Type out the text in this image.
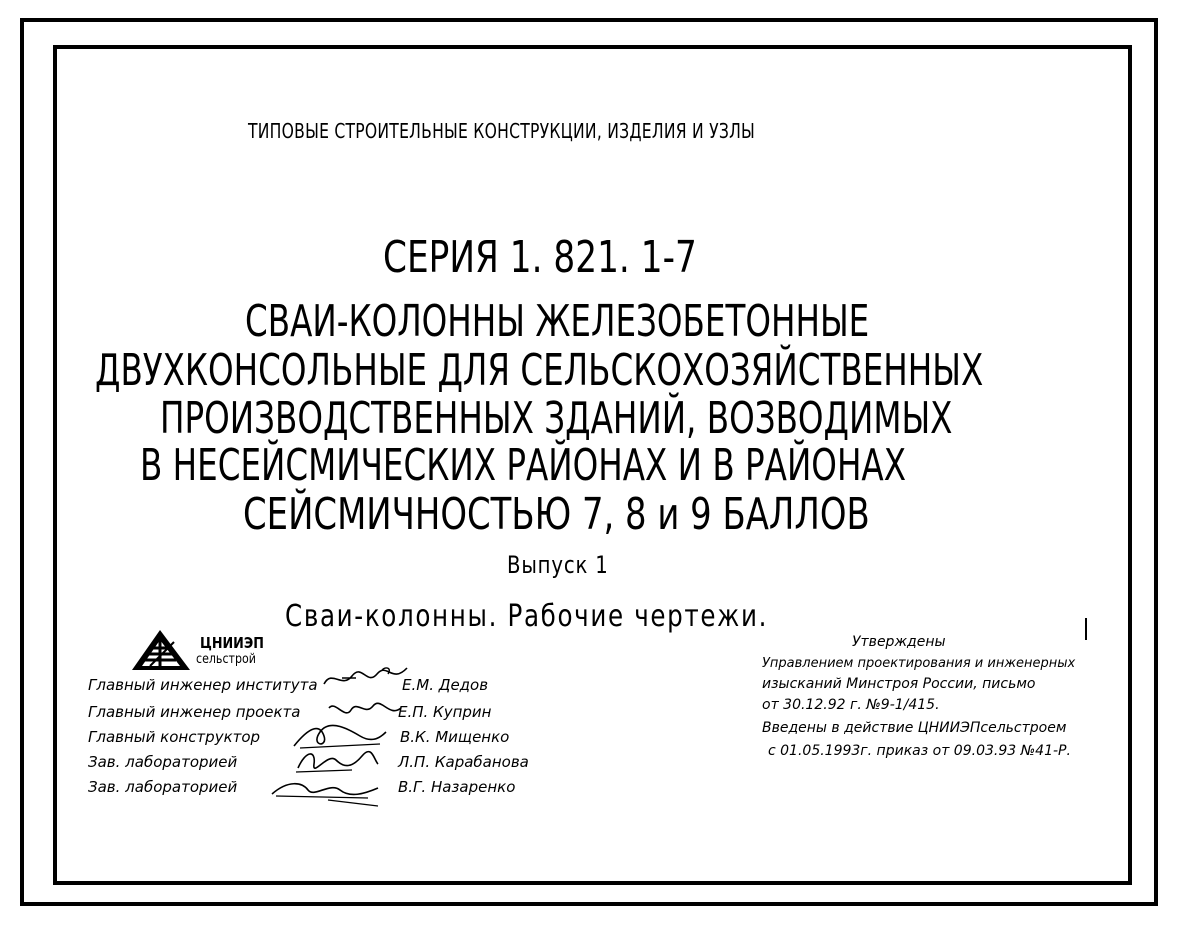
ТИПОВЫЕ СТРОИТЕЛЬНЫЕ КОНСТРУКЦИИ, ИЗДЕЛИЯ И УЗЛЫ
СЕРИЯ 1. 821. 1-7
СВАИ-КОЛОННЫ ЖЕЛЕЗОБЕТОННЫЕ
ДВУХКОНСОЛЬНЫЕ ДЛЯ СЕЛЬСКОХОЗЯЙСТВЕННЫХ
ПРОИЗВОДСТВЕННЫХ ЗДАНИЙ, ВОЗВОДИМЫХ
В НЕСЕЙСМИЧЕСКИХ РАЙОНАХ И В РАЙОНАХ
СЕЙСМИЧНОСТЬЮ 7, 8 и 9 БАЛЛОВ
Выпуск 1
Сваи-колонны. Рабочие чертежи.
ЦНИИЭП
сельстрой
Главный инженер института
Главный инженер проекта
Главный конструктор
Зав. лабораторией
Зав. лабораторией
Е.М. Дедов
Е.П. Куприн
В.К. Мищенко
Л.П. Карабанова
В.Г. Назаренко
Утверждены
Управлением проектирования и инженерных
изысканий Минстроя России, письмо
от 30.12.92 г. №9-1/415.
Введены в действие ЦНИИЭПсельстроем
с 01.05.1993г. приказ от 09.03.93 №41-Р.
